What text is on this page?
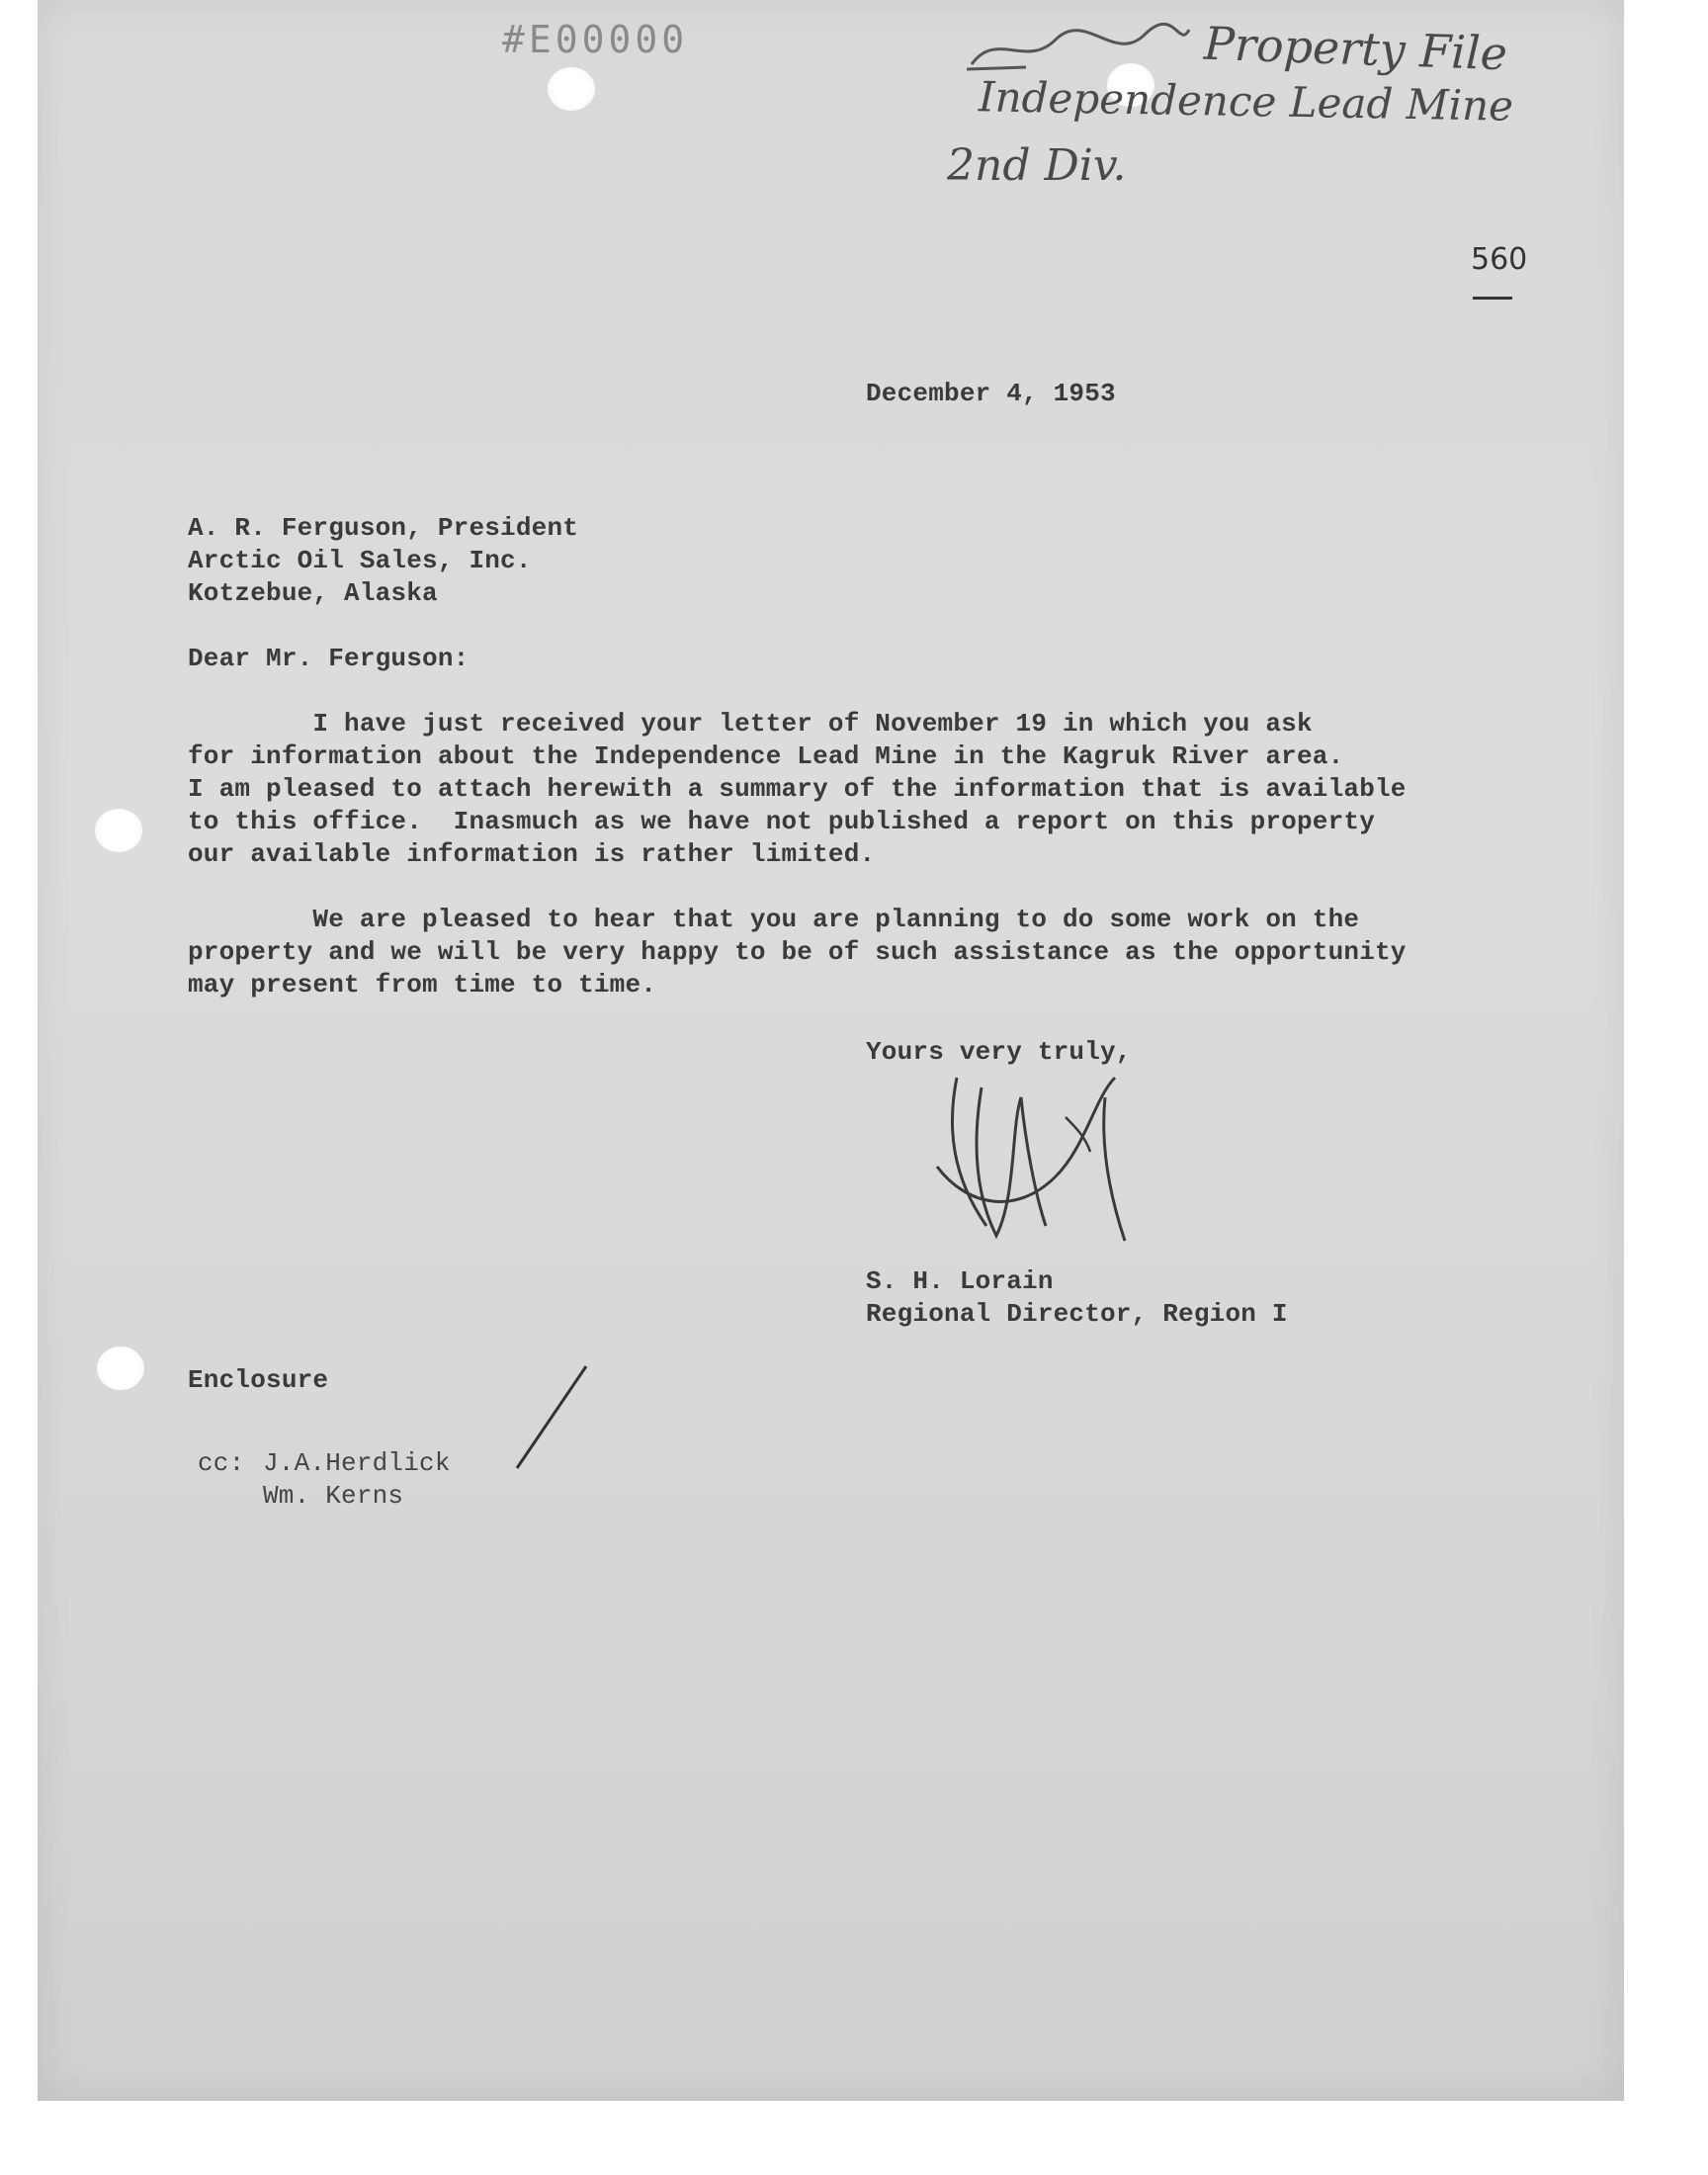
#E00000	Property File
Independence Lead Mine
2nd Div.
560
December 4, 1953
A. R. Ferguson, President
Arctic Oil Sales, Inc.
Kotzebue, Alaska
Dear Mr. Ferguson:
I have just received your letter of November 19 in which you ask
for information about the Independence Lead Mine in the Kagruk River area.
I am pleased to attach herewith a summary of the information that is available
to this office.  Inasmuch as we have not published a report on this property
our available information is rather limited.
We are pleased to hear that you are planning to do some work on the
property and we will be very happy to be of such assistance as the opportunity
may present from time to time.
Yours very truly,
S. H. Lorain
Regional Director, Region I
Enclosure
cc: J.A.Herdlick
Wm. Kerns
